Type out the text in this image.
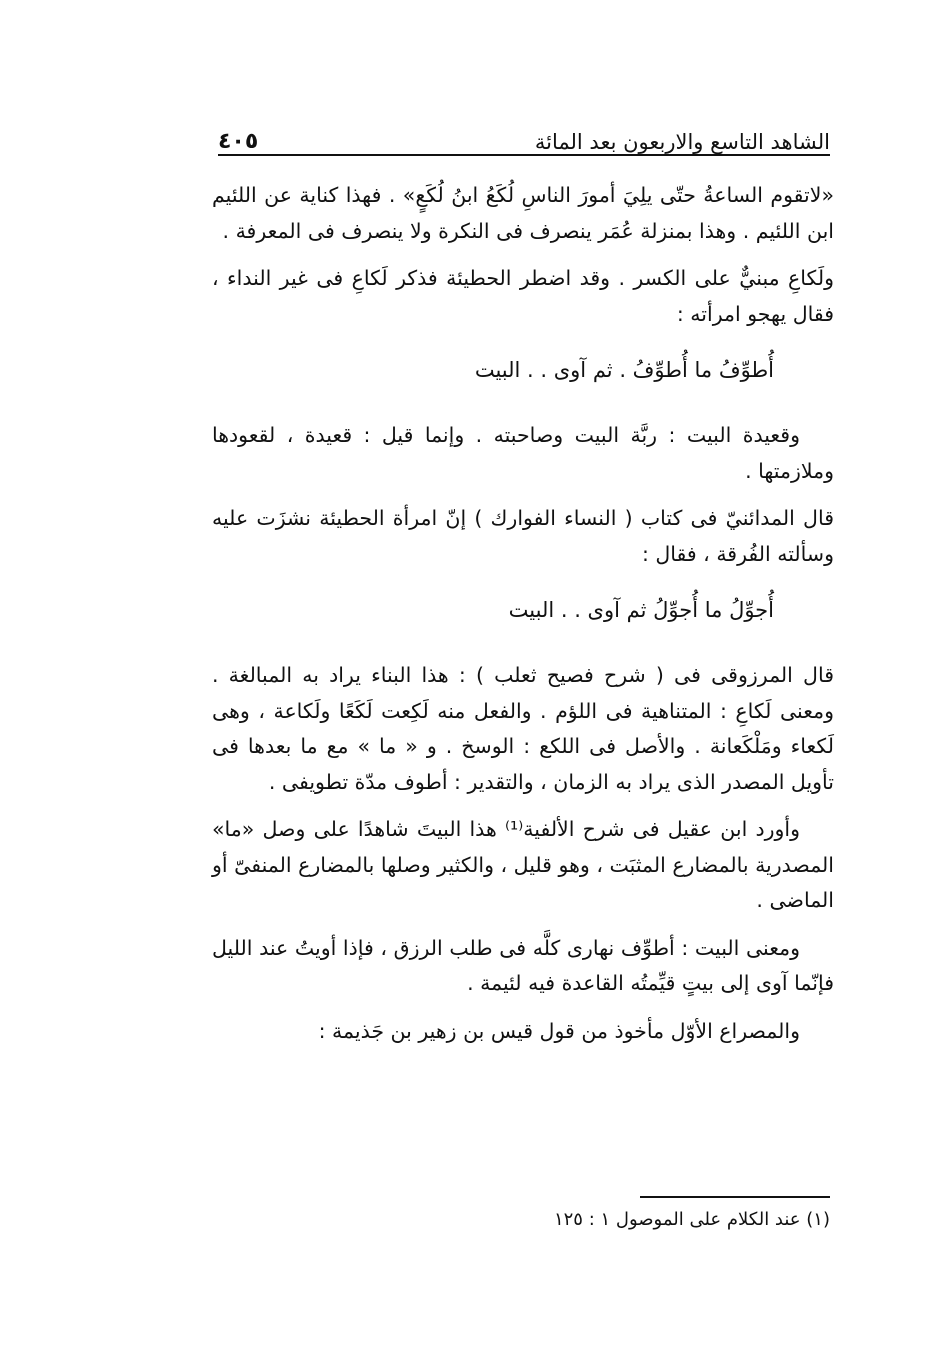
الشاهد التاسع والاربعون بعد المائة
٤٠٥

«لاتقوم الساعةُ حتّى يلِيَ أمورَ الناسِ لُكَعُ ابنُ لُكَعٍ» . فهذا كناية عن اللئيم ابن اللئيم . وهذا بمنزلة عُمَر ينصرف فى النكرة ولا ينصرف فى المعرفة .

ولَكاعِ مبنيٌّ على الكسر . وقد اضطر الحطيئة فذكر لَكاعِ فى غير النداء ، فقال يهجو امرأته :

أُطوِّفُ ما أُطوِّفُ . ثم آوى . . البيت

وقعيدة البيت : ربَّة البيت وصاحبته . وإنما قيل : قعيدة ، لقعودها وملازمتها .

قال المدائنيّ فى كتاب ( النساء الفوارك ) إنّ امرأة الحطيئة نشزَت عليه وسألته الفُرقة ، فقال :

أُجوِّلُ ما أُجوِّلُ ثم آوى . . البيت

قال المرزوقى فى ( شرح فصيح ثعلب ) : هذا البناء يراد به المبالغة . ومعنى لَكاعِ : المتناهية فى اللؤم . والفعل منه لَكِعت لَكَعًا ولَكاعة ، وهى لَكعاء ومَلْكَعانة . والأصل فى اللكع : الوسخ . و « ما » مع ما بعدها فى تأويل المصدر الذى يراد به الزمان ، والتقدير : أطوف مدّة تطويفى .

وأورد ابن عقيل فى شرح الألفية⁽¹⁾ هذا البيتَ شاهدًا على وصل «ما» المصدرية بالمضارع المثبَت ، وهو قليل ، والكثير وصلها بالمضارع المنفىّ أو الماضى .

ومعنى البيت : أطوِّف نهارى كلَّه فى طلب الرزق ، فإذا أويتُ عند الليل فإنّما آوى إلى بيتٍ قيِّمتُه القاعدة فيه لئيمة .

والمصراع الأوّل مأخوذ من قول قيس بن زهير بن جَذيمة :

(١) عند الكلام على الموصول ١ : ١٢٥
